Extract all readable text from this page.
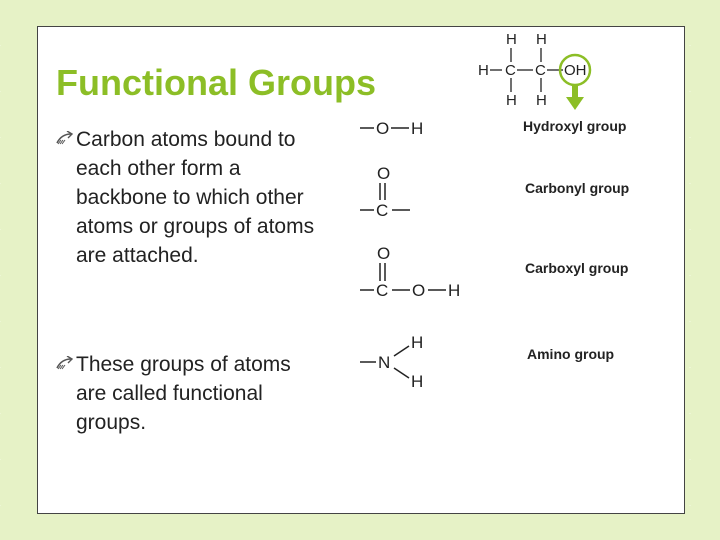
Functional Groups
Carbon atoms bound to each other form a backbone to which other atoms or groups of atoms are attached.
These groups of atoms are called functional groups.
H H
H C C OH
H H
O H
O
C
O
C O H
N
H
H
Hydroxyl group
Carbonyl group
Carboxyl group
Amino group
